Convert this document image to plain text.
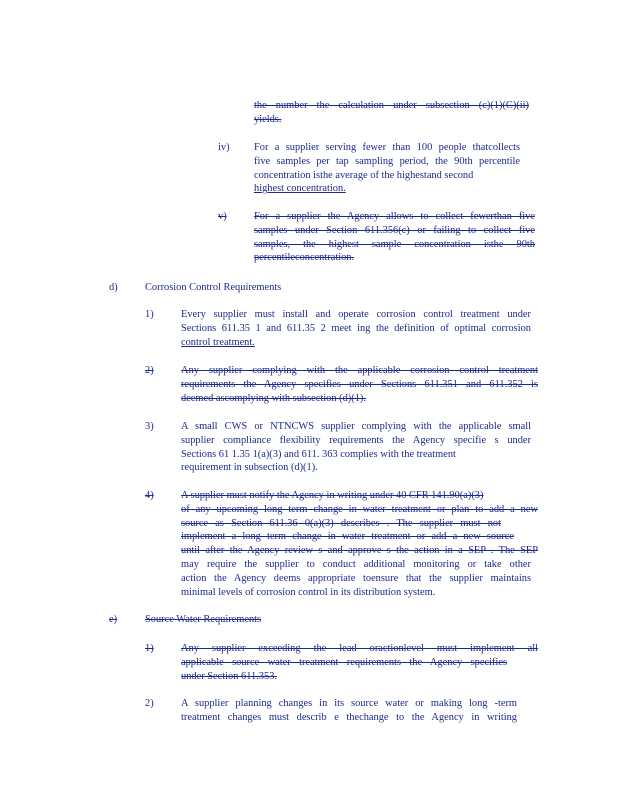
the number the calculation under subsection (c)(1)(C)(ii)
yields.
iv) For a supplier serving fewer than 100 people thatcollects
five samples per tap sampling period, the 90th percentile
concentration isthe average of the highestand second
highest concentration.
v)	For a supplier the Agency allows to collect fewerthan five
samples under Section 611.356(c) or failing to collect five
samples, the highest sample concentration isthe 90th
percentileconcentration.
d)	Corrosion Control Requirements
1)	Every supplier must install and operate corrosion control treatment under
Sections 611.35 1 and 611.35 2 meet ing the definition of optimal corrosion
control treatment.
2)	Any supplier complying with the applicable corrosion control treatment
requirements the Agency specifies under Sections 611.351 and 611.352 is
deemed ascomplying with subsection (d)(1).
3)	A small CWS or NTNCWS supplier complying with the applicable small
supplier compliance flexibility requirements the Agency specifie s under
Sections 61 1.35 1(a)(3) and 611. 363 complies with the treatment
requirement in subsection (d)(1).
4)	A supplier must notify the Agency in writing under 40 CFR 141.90(a)(3)
of any upcoming long term change in water treatment or plan to add a new
source as Section 611.36 0(a)(3) describes . The supplier must not
implement a long term change in water treatment or add a new source
until after the Agency review s and approve s the action in a SEP . The SEP
may require the supplier to conduct additional monitoring or take other
action the Agency deems appropriate toensure that the supplier maintains
minimal levels of corrosion control in its distribution system.
e)	Source Water Requirements
1)	Any supplier exceeding the lead oractionlevel must implement all
applicable source water treatment requirements the Agency specifies
under Section 611.353.
2)	A supplier planning changes in its source water or making long -term
treatment changes must describ e thechange to the Agency in writing
